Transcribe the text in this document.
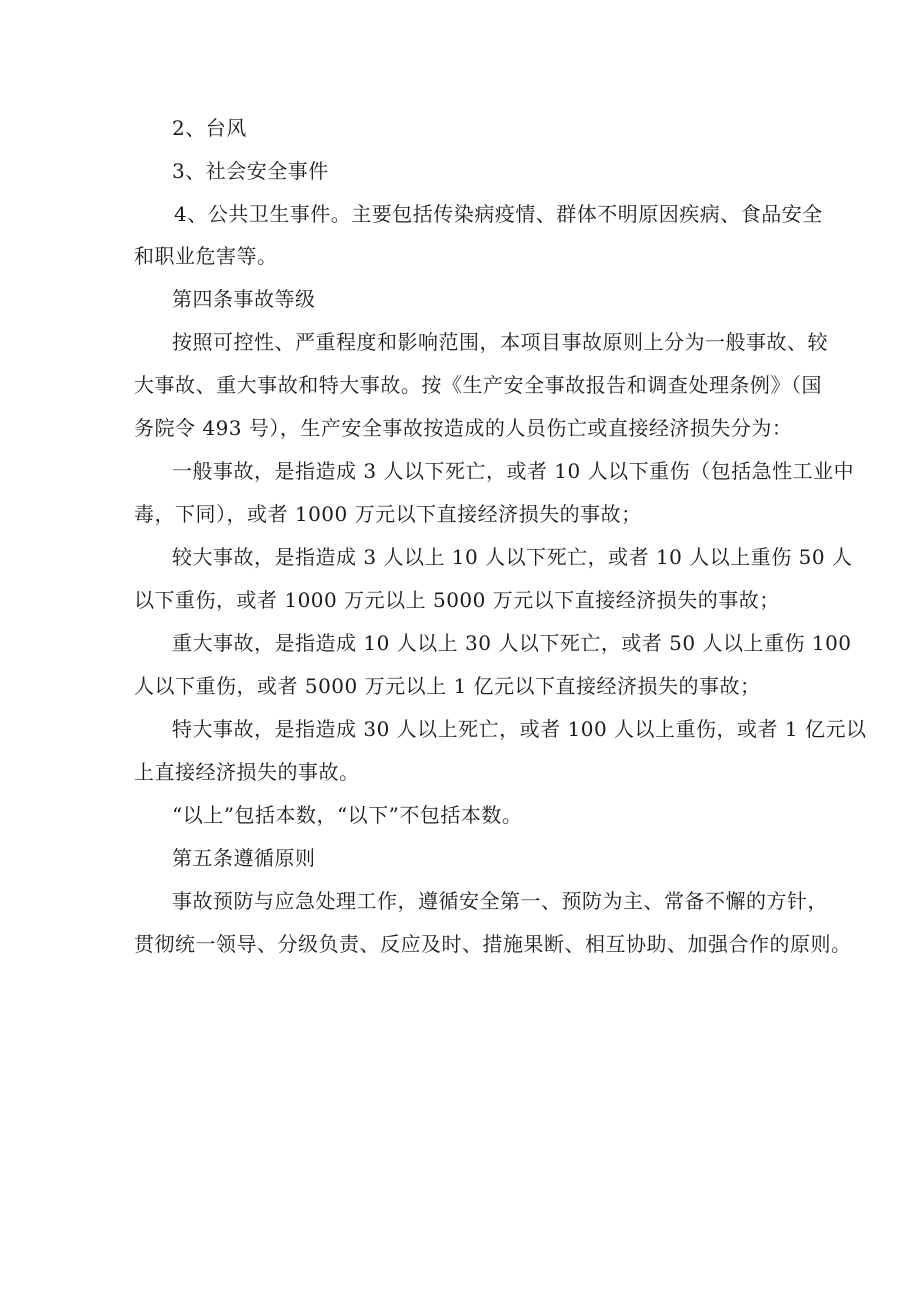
2、台风
3、社会安全事件
4、公共卫生事件。主要包括传染病疫情、群体不明原因疾病、食品安全
和职业危害等。
第四条事故等级
按照可控性、严重程度和影响范围，本项目事故原则上分为一般事故、较
大事故、重大事故和特大事故。按《生产安全事故报告和调查处理条例》（国
务院令 493 号），生产安全事故按造成的人员伤亡或直接经济损失分为：
一般事故，是指造成 3 人以下死亡，或者 10 人以下重伤（包括急性工业中
毒，下同），或者 1000 万元以下直接经济损失的事故；
较大事故，是指造成 3 人以上 10 人以下死亡，或者 10 人以上重伤 50 人
以下重伤，或者 1000 万元以上 5000 万元以下直接经济损失的事故；
重大事故，是指造成 10 人以上 30 人以下死亡，或者 50 人以上重伤 100
人以下重伤，或者 5000 万元以上 1 亿元以下直接经济损失的事故；
特大事故，是指造成 30 人以上死亡，或者 100 人以上重伤，或者 1 亿元以
上直接经济损失的事故。
“以上”包括本数，“以下”不包括本数。
第五条遵循原则
事故预防与应急处理工作，遵循安全第一、预防为主、常备不懈的方针，
贯彻统一领导、分级负责、反应及时、措施果断、相互协助、加强合作的原则。
